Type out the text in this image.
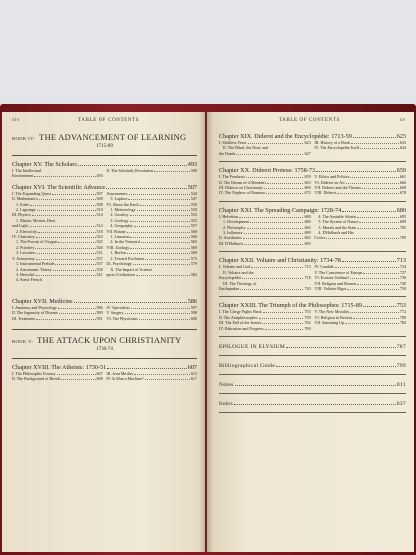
xiv	TABLE OF CONTENTS
BOOK IV: THE ADVANCEMENT OF LEARNING
1715-89
Chapter XV. The Scholars	493
I. The Intellectual
Environment	493
II. The Scholarly Revolution	500
Chapter XVI. The Scientific Advance	507
I. The Expanding Quest	507
II. Mathematics	508
1. Euler	508
2. Lagrange	510
III. Physics	514
1. Matter, Motion, Heat,
and Light	514
2. Electricity	518
IV. Chemistry	524
1. The Pursuit of Oxygen	525
2. Priestley	526
3. Lavoisier	531
V. Astronomy	537
1. Instrumental Prelude	537
2. Astronomic Theory	538
3. Herschel	541
4. Some French
Astronomers	544
5. Laplace	547
VI. About the Earth	550
1. Meteorology	550
2. Geodesy	552
3. Geology	553
4. Geography	557
VII. Botany	560
1. Linnaeus	560
2. In the Vineyard	565
VIII. Zoology	569
1. Buffon	569
2. Toward Evolution	575
IX. Psychology	579
X. The Impact of Science
upon Civilization	582
Chapter XVII. Medicine	586
I. Anatomy and Physiology	586
II. The Ingenuity of Disease	589
III. Treatment	591
IV. Specialists	597
V. Surgery	598
VI. The Physicians	600
BOOK V: THE ATTACK UPON CHRISTIANITY
1730-74
Chapter XVIII. The Atheists: 1730-51	607
I. The Philosophic Ecstasy	607
II. The Background of Revolt	608
III. Jean Meslier	613
IV. Is Man a Machine?	617
TABLE OF CONTENTS	xv
Chapter XIX. Diderot and the Encyclopédie: 1713-59	623
I. Shiftless Years	623
II. The Blind, the Deaf, and
the Dumb	627
III. History of a Book	633
IV. The Encyclopédie Itself	644
Chapter XX. Diderot Proteus: 1758-73	659
I. The Pornbrist	659
II. The Dream of d'Alembert	663
III. Diderot on Christianity	669
IV. The Nephew of Rameau	672
V. Ethics and Politics	661
VI. Diderot on Art	666
VII. Diderot and the Theater	668
VIII. Diderot	678
Chapter XXI. The Spreading Campaign: 1728-74	680
I. Helvétius	680
1. Development	680
2. Philosophy	682
3. Influence	689
II. Auxiliaries	692
III. D'Holbach	695
4. The Amiable Atheist	695
5. The System of Nature	699
3. Morals and the State	705
4. D'Holbach and His
Critics	709
Chapter XXII. Voltaire and Christianity: 1734-78	713
I. Voltaire and God	713
II. Voltaire and the
Encyclopédie	718
III. The Theology of
Earthquakes	720
IV. Candide	724
V. The Conscience of Europe	727
VI. Ecrasez l'infâme!	736
VII. Religion and Reason	740
VIII. Voltaire Bigot	750
Chapter XXIII. The Triumph of the Philosophes: 1715-89	753
I. The Clergy Fights Back	753
II. The Antiphilosophes	759
III. The Fall of the Jesuits	762
IV. Education and Progress	769
V. The New Morality	772
VI. Religion in Retreat	780
VII. Summing Up	784
EPILOGUE IN ELYSIUM	787
Bibliographical Guide	799
Notes	811
Index	837
